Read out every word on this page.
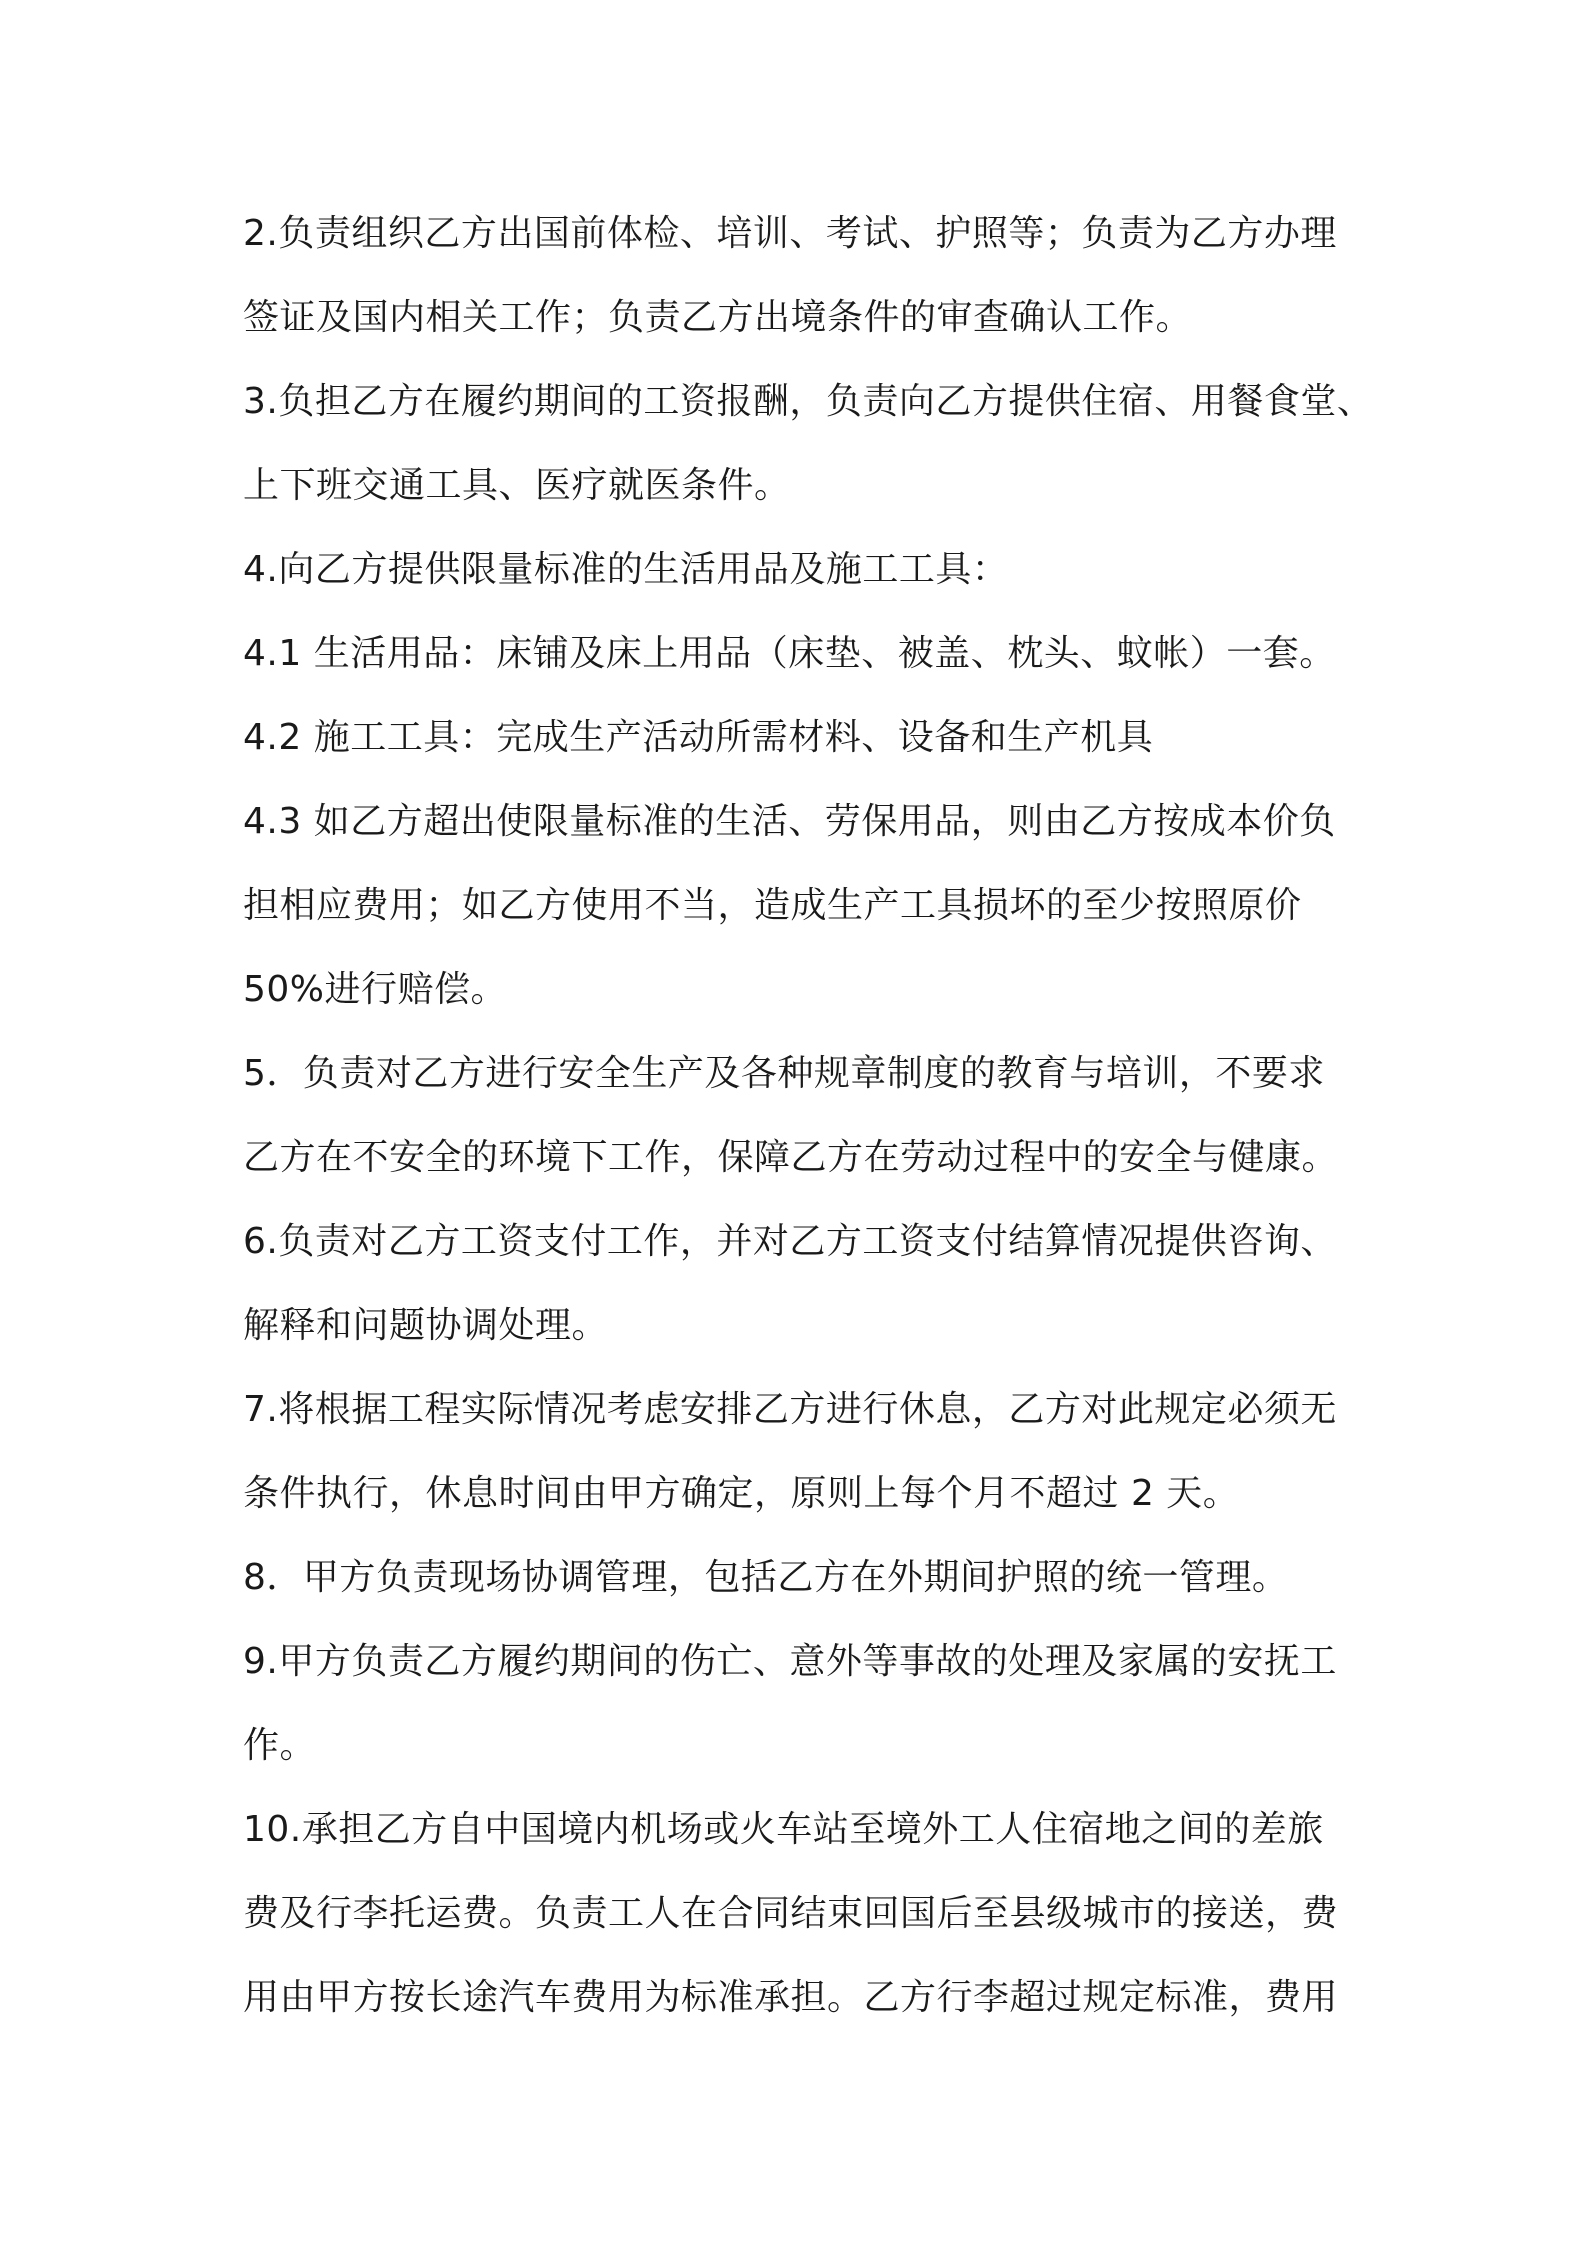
2.负责组织乙方出国前体检、培训、考试、护照等；负责为乙方办理
签证及国内相关工作；负责乙方出境条件的审查确认工作。
3.负担乙方在履约期间的工资报酬，负责向乙方提供住宿、用餐食堂、
上下班交通工具、医疗就医条件。
4.向乙方提供限量标准的生活用品及施工工具：
4.1 生活用品：床铺及床上用品（床垫、被盖、枕头、蚊帐）一套。
4.2 施工工具：完成生产活动所需材料、设备和生产机具
4.3 如乙方超出使限量标准的生活、劳保用品，则由乙方按成本价负
担相应费用；如乙方使用不当，造成生产工具损坏的至少按照原价
50%进行赔偿。
5．负责对乙方进行安全生产及各种规章制度的教育与培训，不要求
乙方在不安全的环境下工作，保障乙方在劳动过程中的安全与健康。
6.负责对乙方工资支付工作，并对乙方工资支付结算情况提供咨询、
解释和问题协调处理。
7.将根据工程实际情况考虑安排乙方进行休息，乙方对此规定必须无
条件执行，休息时间由甲方确定，原则上每个月不超过 2 天。
8．甲方负责现场协调管理，包括乙方在外期间护照的统一管理。
9.甲方负责乙方履约期间的伤亡、意外等事故的处理及家属的安抚工
作。
10.承担乙方自中国境内机场或火车站至境外工人住宿地之间的差旅
费及行李托运费。负责工人在合同结束回国后至县级城市的接送，费
用由甲方按长途汽车费用为标准承担。乙方行李超过规定标准，费用
